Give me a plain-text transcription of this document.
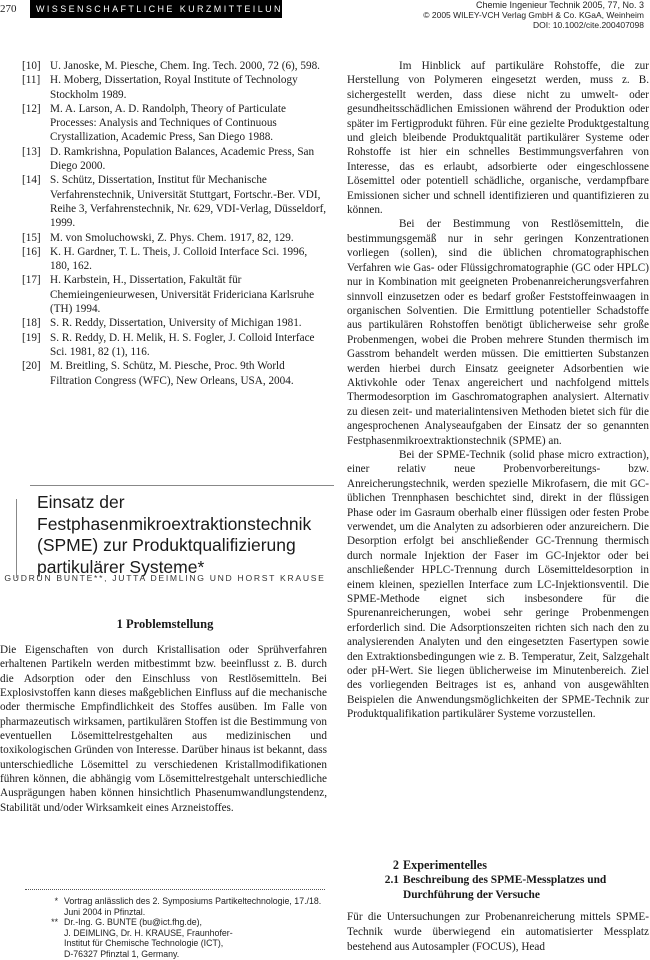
270	WISSENSCHAFTLICHE KURZMITTEILUNGEN	Chemie Ingenieur Technik 2005, 77, No. 3
© 2005 WILEY-VCH Verlag GmbH & Co. KGaA, Weinheim
DOI: 10.1002/cite.200407098
[10] U. Janoske, M. Piesche, Chem. Ing. Tech. 2000, 72 (6), 598.
[11] H. Moberg, Dissertation, Royal Institute of Technology Stockholm 1989.
[12] M. A. Larson, A. D. Randolph, Theory of Particulate Processes: Analysis and Techniques of Continuous Crystallization, Academic Press, San Diego 1988.
[13] D. Ramkrishna, Population Balances, Academic Press, San Diego 2000.
[14] S. Schütz, Dissertation, Institut für Mechanische Verfahrenstechnik, Universität Stuttgart, Fortschr.-Ber. VDI, Reihe 3, Verfahrenstechnik, Nr. 629, VDI-Verlag, Düsseldorf, 1999.
[15] M. von Smoluchowski, Z. Phys. Chem. 1917, 82, 129.
[16] K. H. Gardner, T. L. Theis, J. Colloid Interface Sci. 1996, 180, 162.
[17] H. Karbstein, H., Dissertation, Fakultät für Chemieingenieurwesen, Universität Fridericiana Karlsruhe (TH) 1994.
[18] S. R. Reddy, Dissertation, University of Michigan 1981.
[19] S. R. Reddy, D. H. Melik, H. S. Fogler, J. Colloid Interface Sci. 1981, 82 (1), 116.
[20] M. Breitling, S. Schütz, M. Piesche, Proc. 9th World Filtration Congress (WFC), New Orleans, USA, 2004.
Einsatz der Festphasenmikroextraktionstechnik (SPME) zur Produktqualifizierung partikulärer Systeme*
GUDRUN BUNTE**, JUTTA DEIMLING UND HORST KRAUSE
1 Problemstellung
Die Eigenschaften von durch Kristallisation oder Sprühverfahren erhaltenen Partikeln werden mitbestimmt bzw. beeinflusst z. B. durch die Adsorption oder den Einschluss von Restlösemitteln. Bei Explosivstoffen kann dieses maßgeblichen Einfluss auf die mechanische oder thermische Empfindlichkeit des Stoffes ausüben. Im Falle von pharmazeutisch wirksamen, partikulären Stoffen ist die Bestimmung von eventuellen Lösemittelrestgehalten aus medizinischen und toxikologischen Gründen von Interesse. Darüber hinaus ist bekannt, dass unterschiedliche Lösemittel zu verschiedenen Kristallmodifikationen führen können, die abhängig vom Lösemittelrestgehalt unterschiedliche Ausprägungen haben können hinsichtlich Phasenumwandlungstendenz, Stabilität und/oder Wirksamkeit eines Arzneistoffes.
* Vortrag anlässlich des 2. Symposiums Partikeltechnologie, 17./18. Juni 2004 in Pfinztal.
** Dr.-Ing. G. BUNTE (bu@ict.fhg.de),
J. DEIMLING, Dr. H. KRAUSE, Fraunhofer-
Institut für Chemische Technologie (ICT),
D-76327 Pfinztal 1, Germany.

Im Hinblick auf partikuläre Rohstoffe, die zur Herstellung von Polymeren eingesetzt werden, muss z. B. sichergestellt werden, dass diese nicht zu umwelt- oder gesundheitsschädlichen Emissionen während der Produktion oder später im Fertigprodukt führen. Für eine gezielte Produktgestaltung und gleich bleibende Produktqualität partikulärer Systeme oder Rohstoffe ist hier ein schnelles Bestimmungsverfahren von Interesse, das es erlaubt, adsorbierte oder eingeschlossene Lösemittel oder potentiell schädliche, organische, verdampfbare Emissionen sicher und schnell identifizieren und quantifizieren zu können.

Bei der Bestimmung von Restlösemitteln, die bestimmungsgemäß nur in sehr geringen Konzentrationen vorliegen (sollen), sind die üblichen chromatographischen Verfahren wie Gas- oder Flüssigchromatographie (GC oder HPLC) nur in Kombination mit geeigneten Probenanreicherungsverfahren sinnvoll einzusetzen oder es bedarf großer Feststoffeinwaagen in organischen Solventien. Die Ermittlung potentieller Schadstoffe aus partikulären Rohstoffen benötigt üblicherweise sehr große Probenmengen, wobei die Proben mehrere Stunden thermisch im Gasstrom behandelt werden müssen. Die emittierten Substanzen werden hierbei durch Einsatz geeigneter Adsorbentien wie Aktivkohle oder Tenax angereichert und nachfolgend mittels Thermodesorption im Gaschromatographen analysiert. Alternativ zu diesen zeit- und materialintensiven Methoden bietet sich für die angesprochenen Analyseaufgaben der Einsatz der so genannten Festphasenmikroextraktionstechnik (SPME) an.

Bei der SPME-Technik (solid phase micro extraction), einer relativ neue Probenvorbereitungs- bzw. Anreicherungstechnik, werden spezielle Mikrofasern, die mit GC-üblichen Trennphasen beschichtet sind, direkt in der flüssigen Phase oder im Gasraum oberhalb einer flüssigen oder festen Probe verwendet, um die Analyten zu adsorbieren oder anzureichern. Die Desorption erfolgt bei anschließender GC-Trennung thermisch durch normale Injektion der Faser im GC-Injektor oder bei anschließender HPLC-Trennung durch Lösemitteldesorption in einem kleinen, speziellen Interface zum LC-Injektionsventil. Die SPME-Methode eignet sich insbesondere für die Spurenanreicherungen, wobei sehr geringe Probenmengen erforderlich sind. Die Adsorptionszeiten richten sich nach den zu analysierenden Analyten und den eingesetzten Fasertypen sowie den Extraktionsbedingungen wie z. B. Temperatur, Zeit, Salzgehalt oder pH-Wert. Sie liegen üblicherweise im Minutenbereich. Ziel des vorliegenden Beitrages ist es, anhand von ausgewählten Beispielen die Anwendungsmöglichkeiten der SPME-Technik zur Produktqualifikation partikulärer Systeme vorzustellen.

2 Experimentelles
2.1 Beschreibung des SPME-Messplatzes und Durchführung der Versuche
Für die Untersuchungen zur Probenanreicherung mittels SPME-Technik wurde überwiegend ein automatisierter Messplatz bestehend aus Autosampler (FOCUS), Head
